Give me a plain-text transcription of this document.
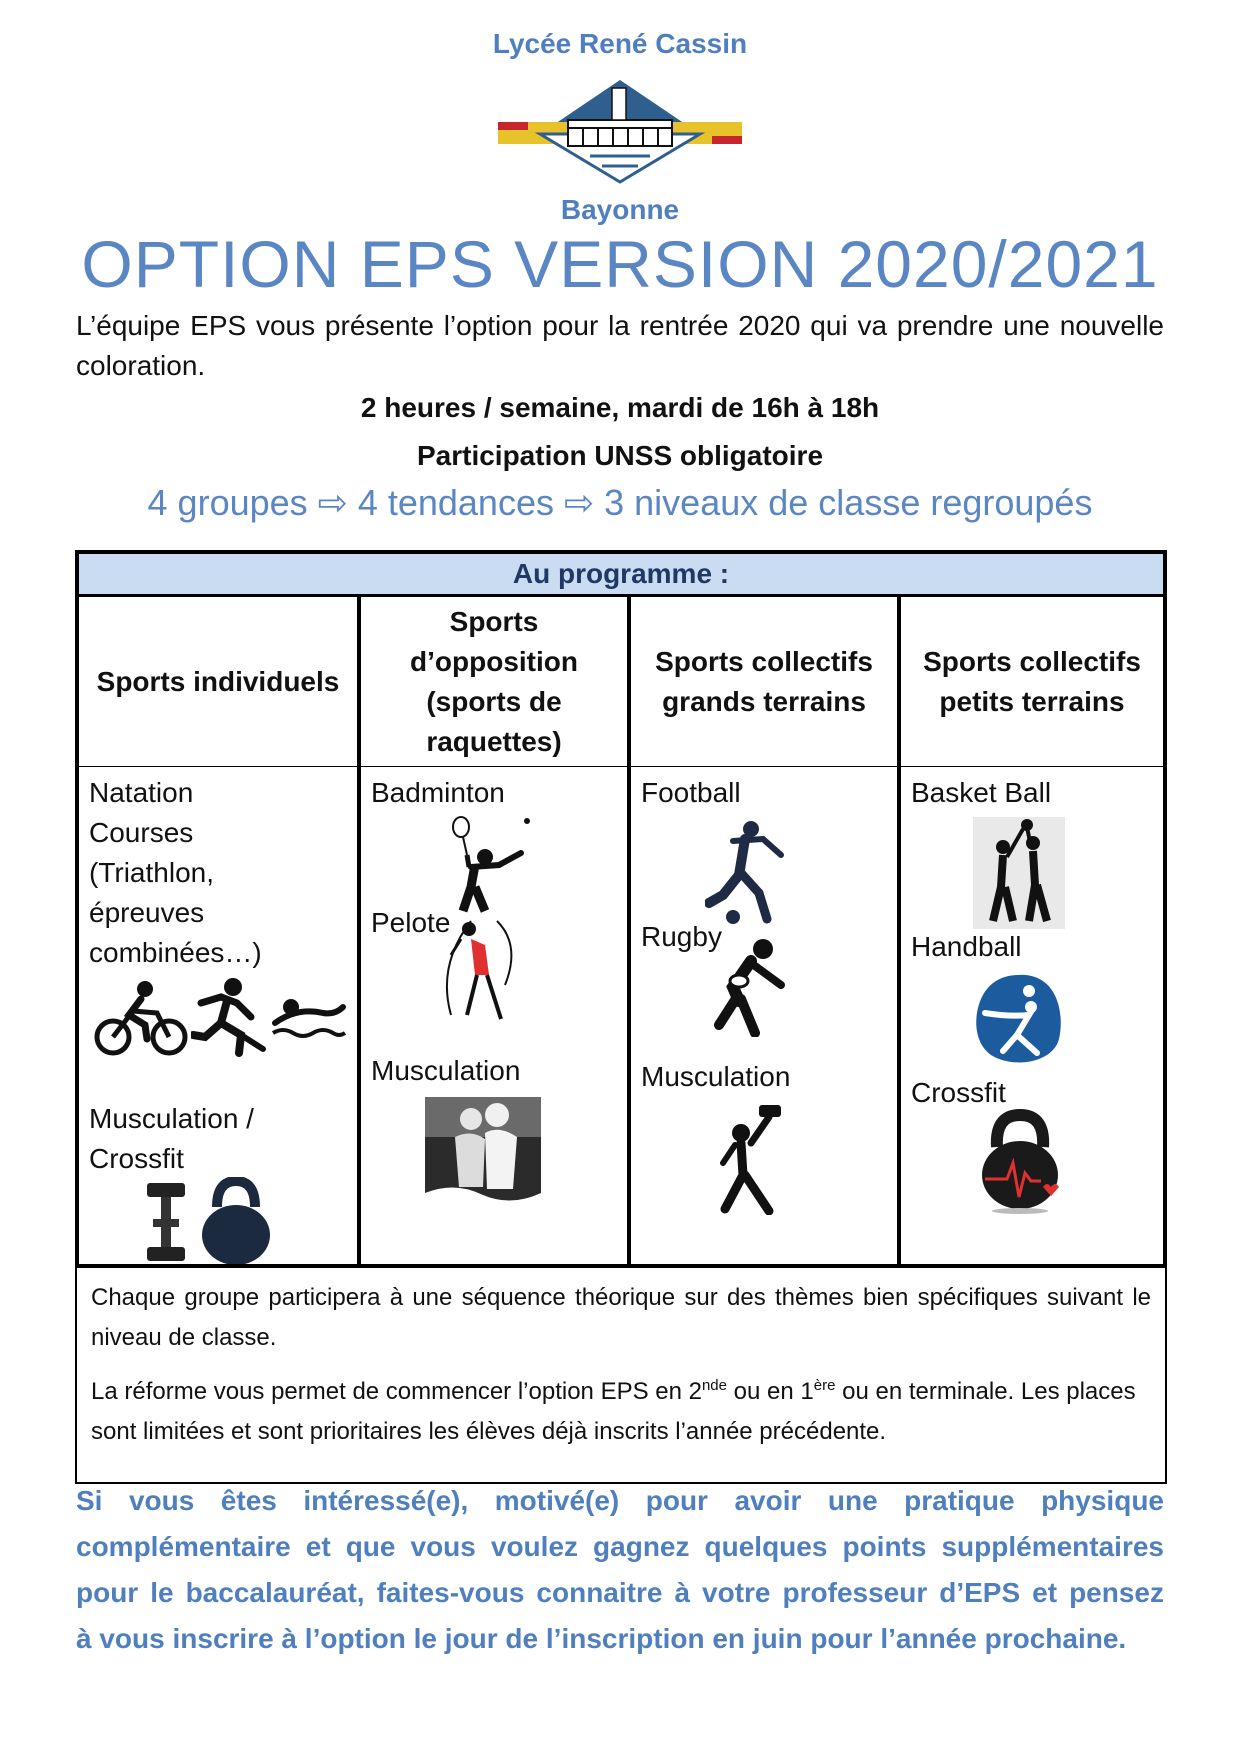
Lycée René Cassin
Bayonne
OPTION EPS VERSION 2020/2021
L’équipe EPS vous présente l’option pour la rentrée 2020 qui va prendre une nouvelle coloration.
2 heures / semaine, mardi de 16h à 18h
Participation UNSS obligatoire
4 groupes ⇨ 4 tendances ⇨ 3 niveaux de classe regroupés
Au programme :
Sports individuels
Natation
Courses
(Triathlon,
épreuves
combinées…)
Musculation /
Crossfit
Sports d’opposition (sports de raquettes)
Badminton
Pelote
Musculation
Sports collectifs grands terrains
Football
Rugby
Musculation
Sports collectifs petits terrains
Basket Ball
Handball
Crossfit
Chaque groupe participera à une séquence théorique sur des thèmes bien spécifiques suivant le niveau de classe.
La réforme vous permet de commencer l’option EPS en 2nde ou en 1ère ou en terminale. Les places sont limitées et sont prioritaires les élèves déjà inscrits l’année précédente.
Si vous êtes intéressé(e), motivé(e) pour avoir une pratique physique
complémentaire et que vous voulez gagnez quelques points supplémentaires
pour le baccalauréat, faites-vous connaitre à votre professeur d’EPS et pensez
à vous inscrire à l’option le jour de l’inscription en juin pour l’année prochaine.
